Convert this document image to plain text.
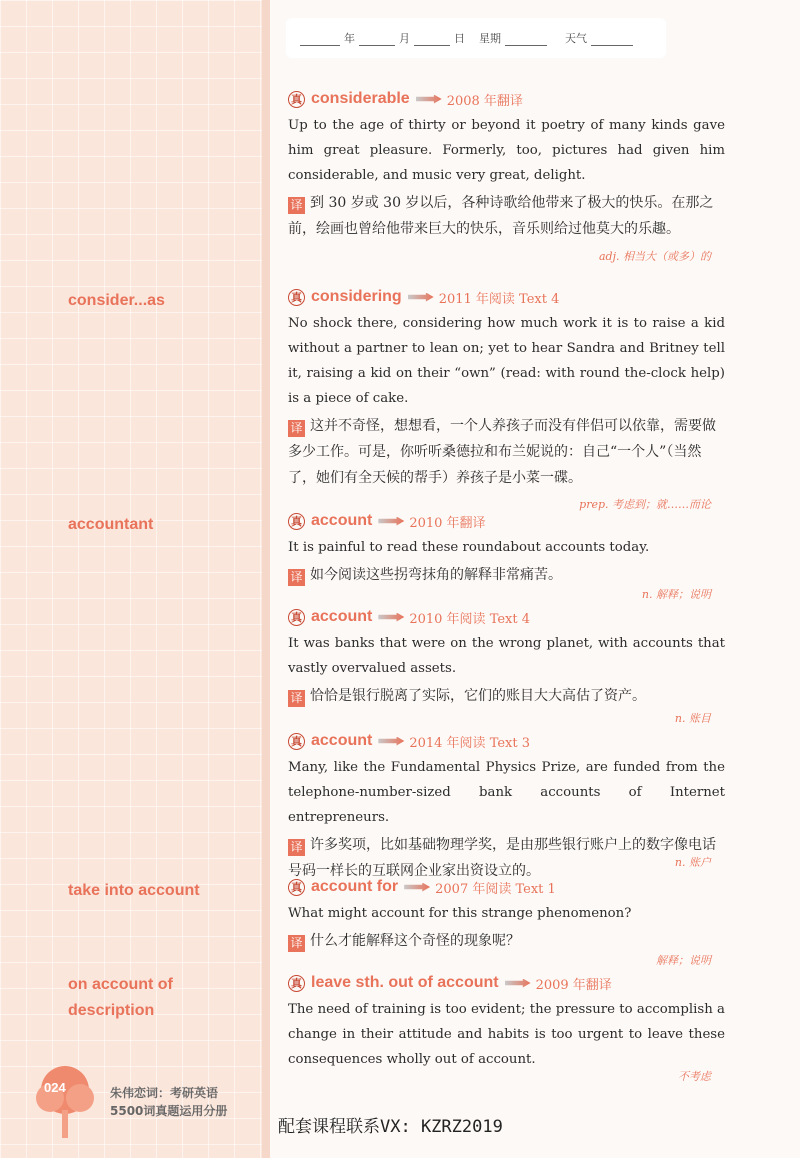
年	月	日 星期	天气
consider...as
accountant
take into account
on account of
description
真 considerable	2008 年翻译
Up to the age of thirty or beyond it poetry of many kinds gave him great pleasure. Formerly, too, pictures had given him considerable, and music very great, delight.
译 到 30 岁或 30 岁以后，各种诗歌给他带来了极大的快乐。在那之前，绘画也曾给他带来巨大的快乐，音乐则给过他莫大的乐趣。
adj. 相当大（或多）的
真 considering	2011 年阅读 Text 4
No shock there, considering how much work it is to raise a kid without a partner to lean on; yet to hear Sandra and Britney tell it, raising a kid on their “own” (read: with round the-clock help) is a piece of cake.
译 这并不奇怪，想想看，一个人养孩子而没有伴侣可以依靠，需要做多少工作。可是，你听听桑德拉和布兰妮说的：自己“一个人”（当然了，她们有全天候的帮手）养孩子是小菜一碟。
prep. 考虑到；就……而论
真 account	2010 年翻译
It is painful to read these roundabout accounts today.
译 如今阅读这些拐弯抹角的解释非常痛苦。
n. 解释；说明
真 account	2010 年阅读 Text 4
It was banks that were on the wrong planet, with accounts that vastly overvalued assets.
译 恰恰是银行脱离了实际，它们的账目大大高估了资产。
n. 账目
真 account	2014 年阅读 Text 3
Many, like the Fundamental Physics Prize, are funded from the telephone-number-sized bank accounts of Internet entrepreneurs.
译 许多奖项，比如基础物理学奖，是由那些银行账户上的数字像电话号码一样长的互联网企业家出资设立的。
n. 账户
真 account for	2007 年阅读 Text 1
What might account for this strange phenomenon?
译 什么才能解释这个奇怪的现象呢？
解释；说明
真 leave sth. out of account	2009 年翻译
The need of training is too evident; the pressure to accomplish a change in their attitude and habits is too urgent to leave these consequences wholly out of account.
不考虑
024	朱伟恋词：考研英语
5500词真题运用分册
配套课程联系VX: KZRZ2019
